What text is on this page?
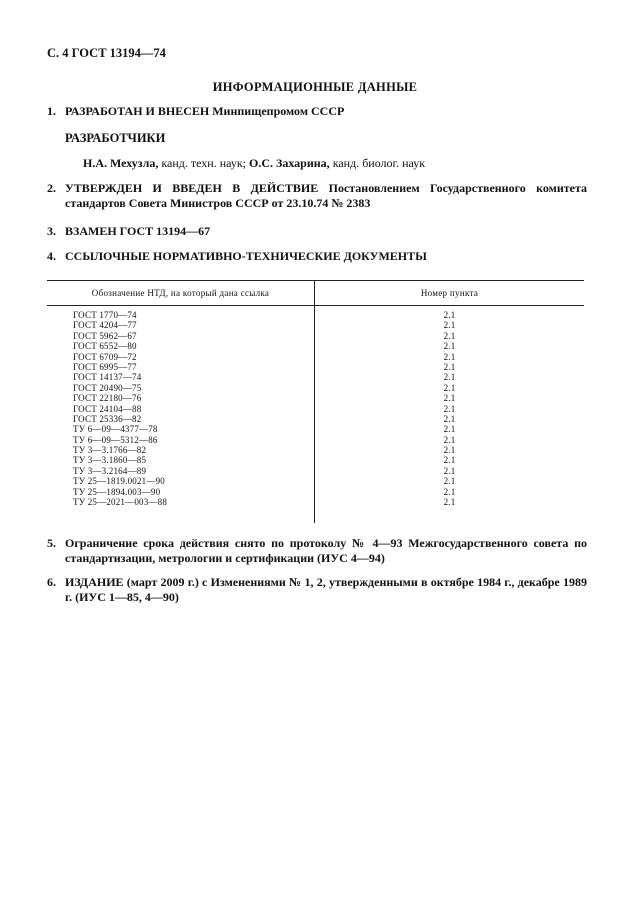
С. 4 ГОСТ 13194—74
ИНФОРМАЦИОННЫЕ ДАННЫЕ
1. РАЗРАБОТАН И ВНЕСЕН Минпищепромом СССР
РАЗРАБОТЧИКИ
Н.А. Мехузла, канд. техн. наук; О.С. Захарина, канд. биолог. наук
2. УТВЕРЖДЕН И ВВЕДЕН В ДЕЙСТВИЕ Постановлением Государственного комитета стандартов Совета Министров СССР от 23.10.74 № 2383
3. ВЗАМЕН ГОСТ 13194—67
4. ССЫЛОЧНЫЕ НОРМАТИВНО-ТЕХНИЧЕСКИЕ ДОКУМЕНТЫ
Обозначение НТД, на который дана ссылка	Номер пункта
ГОСТ 1770—74	2.1
ГОСТ 4204—77	2.1
ГОСТ 5962—67	2.1
ГОСТ 6552—80	2.1
ГОСТ 6709—72	2.1
ГОСТ 6995—77	2.1
ГОСТ 14137—74	2.1
ГОСТ 20490—75	2.1
ГОСТ 22180—76	2.1
ГОСТ 24104—88	2.1
ГОСТ 25336—82	2.1
ТУ 6—09—4377—78	2.1
ТУ 6—09—5312—86	2.1
ТУ 3—3.1766—82	2.1
ТУ 3—3.1860—85	2.1
ТУ 3—3.2164—89	2.1
ТУ 25—1819.0021—90	2.1
ТУ 25—1894.003—90	2.1
ТУ 25—2021—003—88	2.1
5. Ограничение срока действия снято по протоколу № 4—93 Межгосударственного совета по стандартизации, метрологии и сертификации (ИУС 4—94)
6. ИЗДАНИЕ (март 2009 г.) с Изменениями № 1, 2, утвержденными в октябре 1984 г., декабре 1989 г. (ИУС 1—85, 4—90)
